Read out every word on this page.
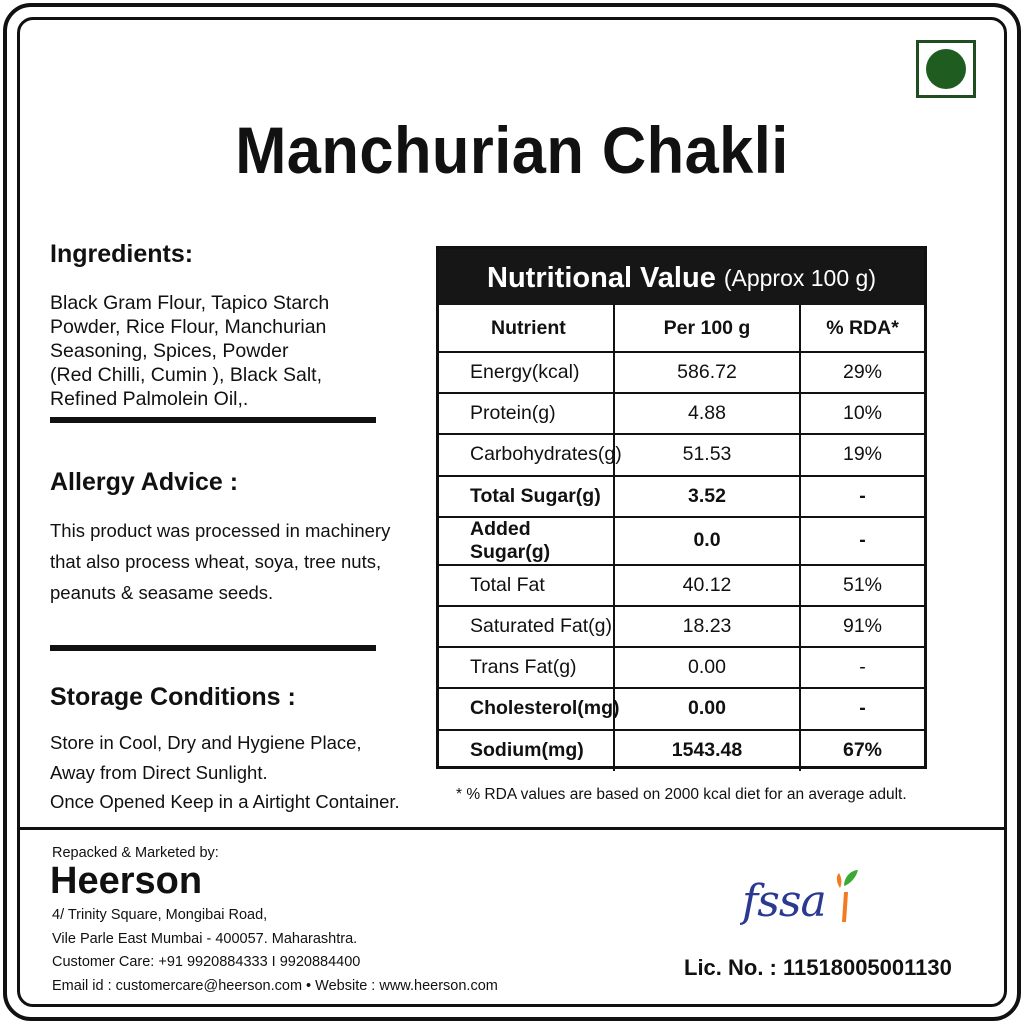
Manchurian Chakli
Ingredients:
Black Gram Flour, Tapico Starch
Powder, Rice Flour, Manchurian
Seasoning, Spices, Powder
(Red Chilli, Cumin ), Black Salt,
Refined Palmolein Oil,.
Allergy Advice :
This product was processed in machinery
that also process wheat, soya, tree nuts,
peanuts & seasame seeds.
Storage Conditions :
Store in Cool, Dry and Hygiene Place,
Away from Direct Sunlight.
Once Opened Keep in a Airtight Container.
Nutritional Value (Approx 100 g)
Nutrient	Per 100 g	% RDA*
Energy(kcal)	586.72	29%
Protein(g)	4.88	10%
Carbohydrates(g)	51.53	19%
Total Sugar(g)	3.52	-
Added Sugar(g)	0.0	-
Total Fat	40.12	51%
Saturated Fat(g)	18.23	91%
Trans Fat(g)	0.00	-
Cholesterol(mg)	0.00	-
Sodium(mg)	1543.48	67%
* % RDA values are based on 2000 kcal diet for an average adult.
Repacked & Marketed by:
Heerson
4/ Trinity Square, Mongibai Road,
Vile Parle East Mumbai - 400057. Maharashtra.
Customer Care: +91 9920884333 I 9920884400
Email id : customercare@heerson.com • Website : www.heerson.com
fssa
Lic. No. : 11518005001130
